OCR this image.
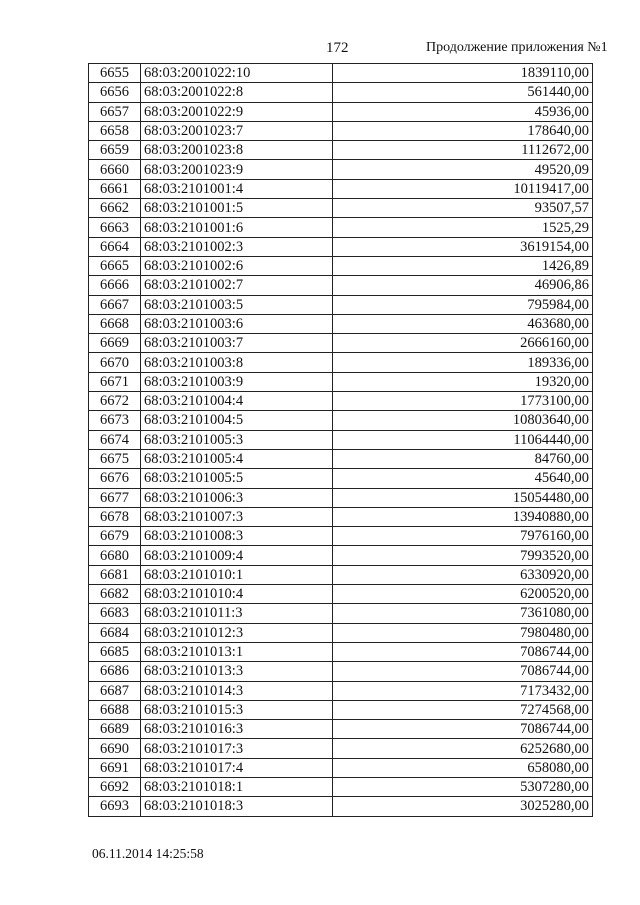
172	Продолжение приложения №1
6655	68:03:2001022:10	1839110,00
6656	68:03:2001022:8	561440,00
6657	68:03:2001022:9	45936,00
6658	68:03:2001023:7	178640,00
6659	68:03:2001023:8	1112672,00
6660	68:03:2001023:9	49520,09
6661	68:03:2101001:4	10119417,00
6662	68:03:2101001:5	93507,57
6663	68:03:2101001:6	1525,29
6664	68:03:2101002:3	3619154,00
6665	68:03:2101002:6	1426,89
6666	68:03:2101002:7	46906,86
6667	68:03:2101003:5	795984,00
6668	68:03:2101003:6	463680,00
6669	68:03:2101003:7	2666160,00
6670	68:03:2101003:8	189336,00
6671	68:03:2101003:9	19320,00
6672	68:03:2101004:4	1773100,00
6673	68:03:2101004:5	10803640,00
6674	68:03:2101005:3	11064440,00
6675	68:03:2101005:4	84760,00
6676	68:03:2101005:5	45640,00
6677	68:03:2101006:3	15054480,00
6678	68:03:2101007:3	13940880,00
6679	68:03:2101008:3	7976160,00
6680	68:03:2101009:4	7993520,00
6681	68:03:2101010:1	6330920,00
6682	68:03:2101010:4	6200520,00
6683	68:03:2101011:3	7361080,00
6684	68:03:2101012:3	7980480,00
6685	68:03:2101013:1	7086744,00
6686	68:03:2101013:3	7086744,00
6687	68:03:2101014:3	7173432,00
6688	68:03:2101015:3	7274568,00
6689	68:03:2101016:3	7086744,00
6690	68:03:2101017:3	6252680,00
6691	68:03:2101017:4	658080,00
6692	68:03:2101018:1	5307280,00
6693	68:03:2101018:3	3025280,00
06.11.2014 14:25:58
